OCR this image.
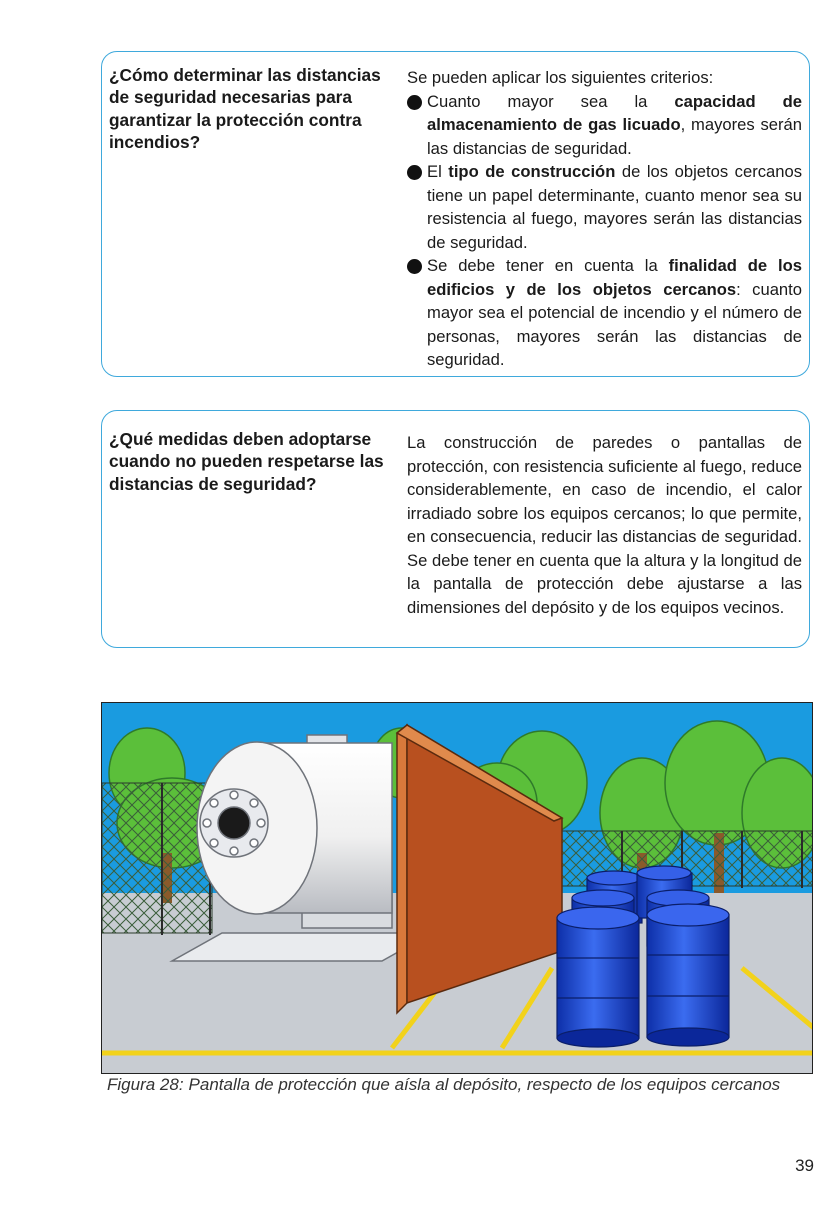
¿Cómo determinar las distancias de seguridad necesarias para garantizar la protección contra incendios?

Se pueden aplicar los siguientes criterios:

Cuanto mayor sea la capacidad de almacenamiento de gas licuado, mayores serán las distancias de seguridad.
El tipo de construcción de los objetos cercanos tiene un papel determinante, cuanto menor sea su resistencia al fuego, mayores serán las distancias de seguridad.
Se debe tener en cuenta la finalidad de los edificios y de los objetos cercanos: cuanto mayor sea el potencial de incendio y el número de personas, mayores serán las distancias de seguridad.
¿Qué medidas deben adoptarse cuando no pueden respetarse las distancias de seguridad?

La construcción de paredes o pantallas de protección, con resistencia suficiente al fuego, reduce considerablemente, en caso de incendio, el calor irradiado sobre los equipos cercanos; lo que permite, en consecuencia, reducir las distancias de seguridad. Se debe tener en cuenta que la altura y la longitud de la pantalla de protección debe ajustarse a las dimensiones del depósito y de los equipos vecinos.

Figura 28: Pantalla de protección que aísla al depósito, respecto de los equipos cercanos
39
